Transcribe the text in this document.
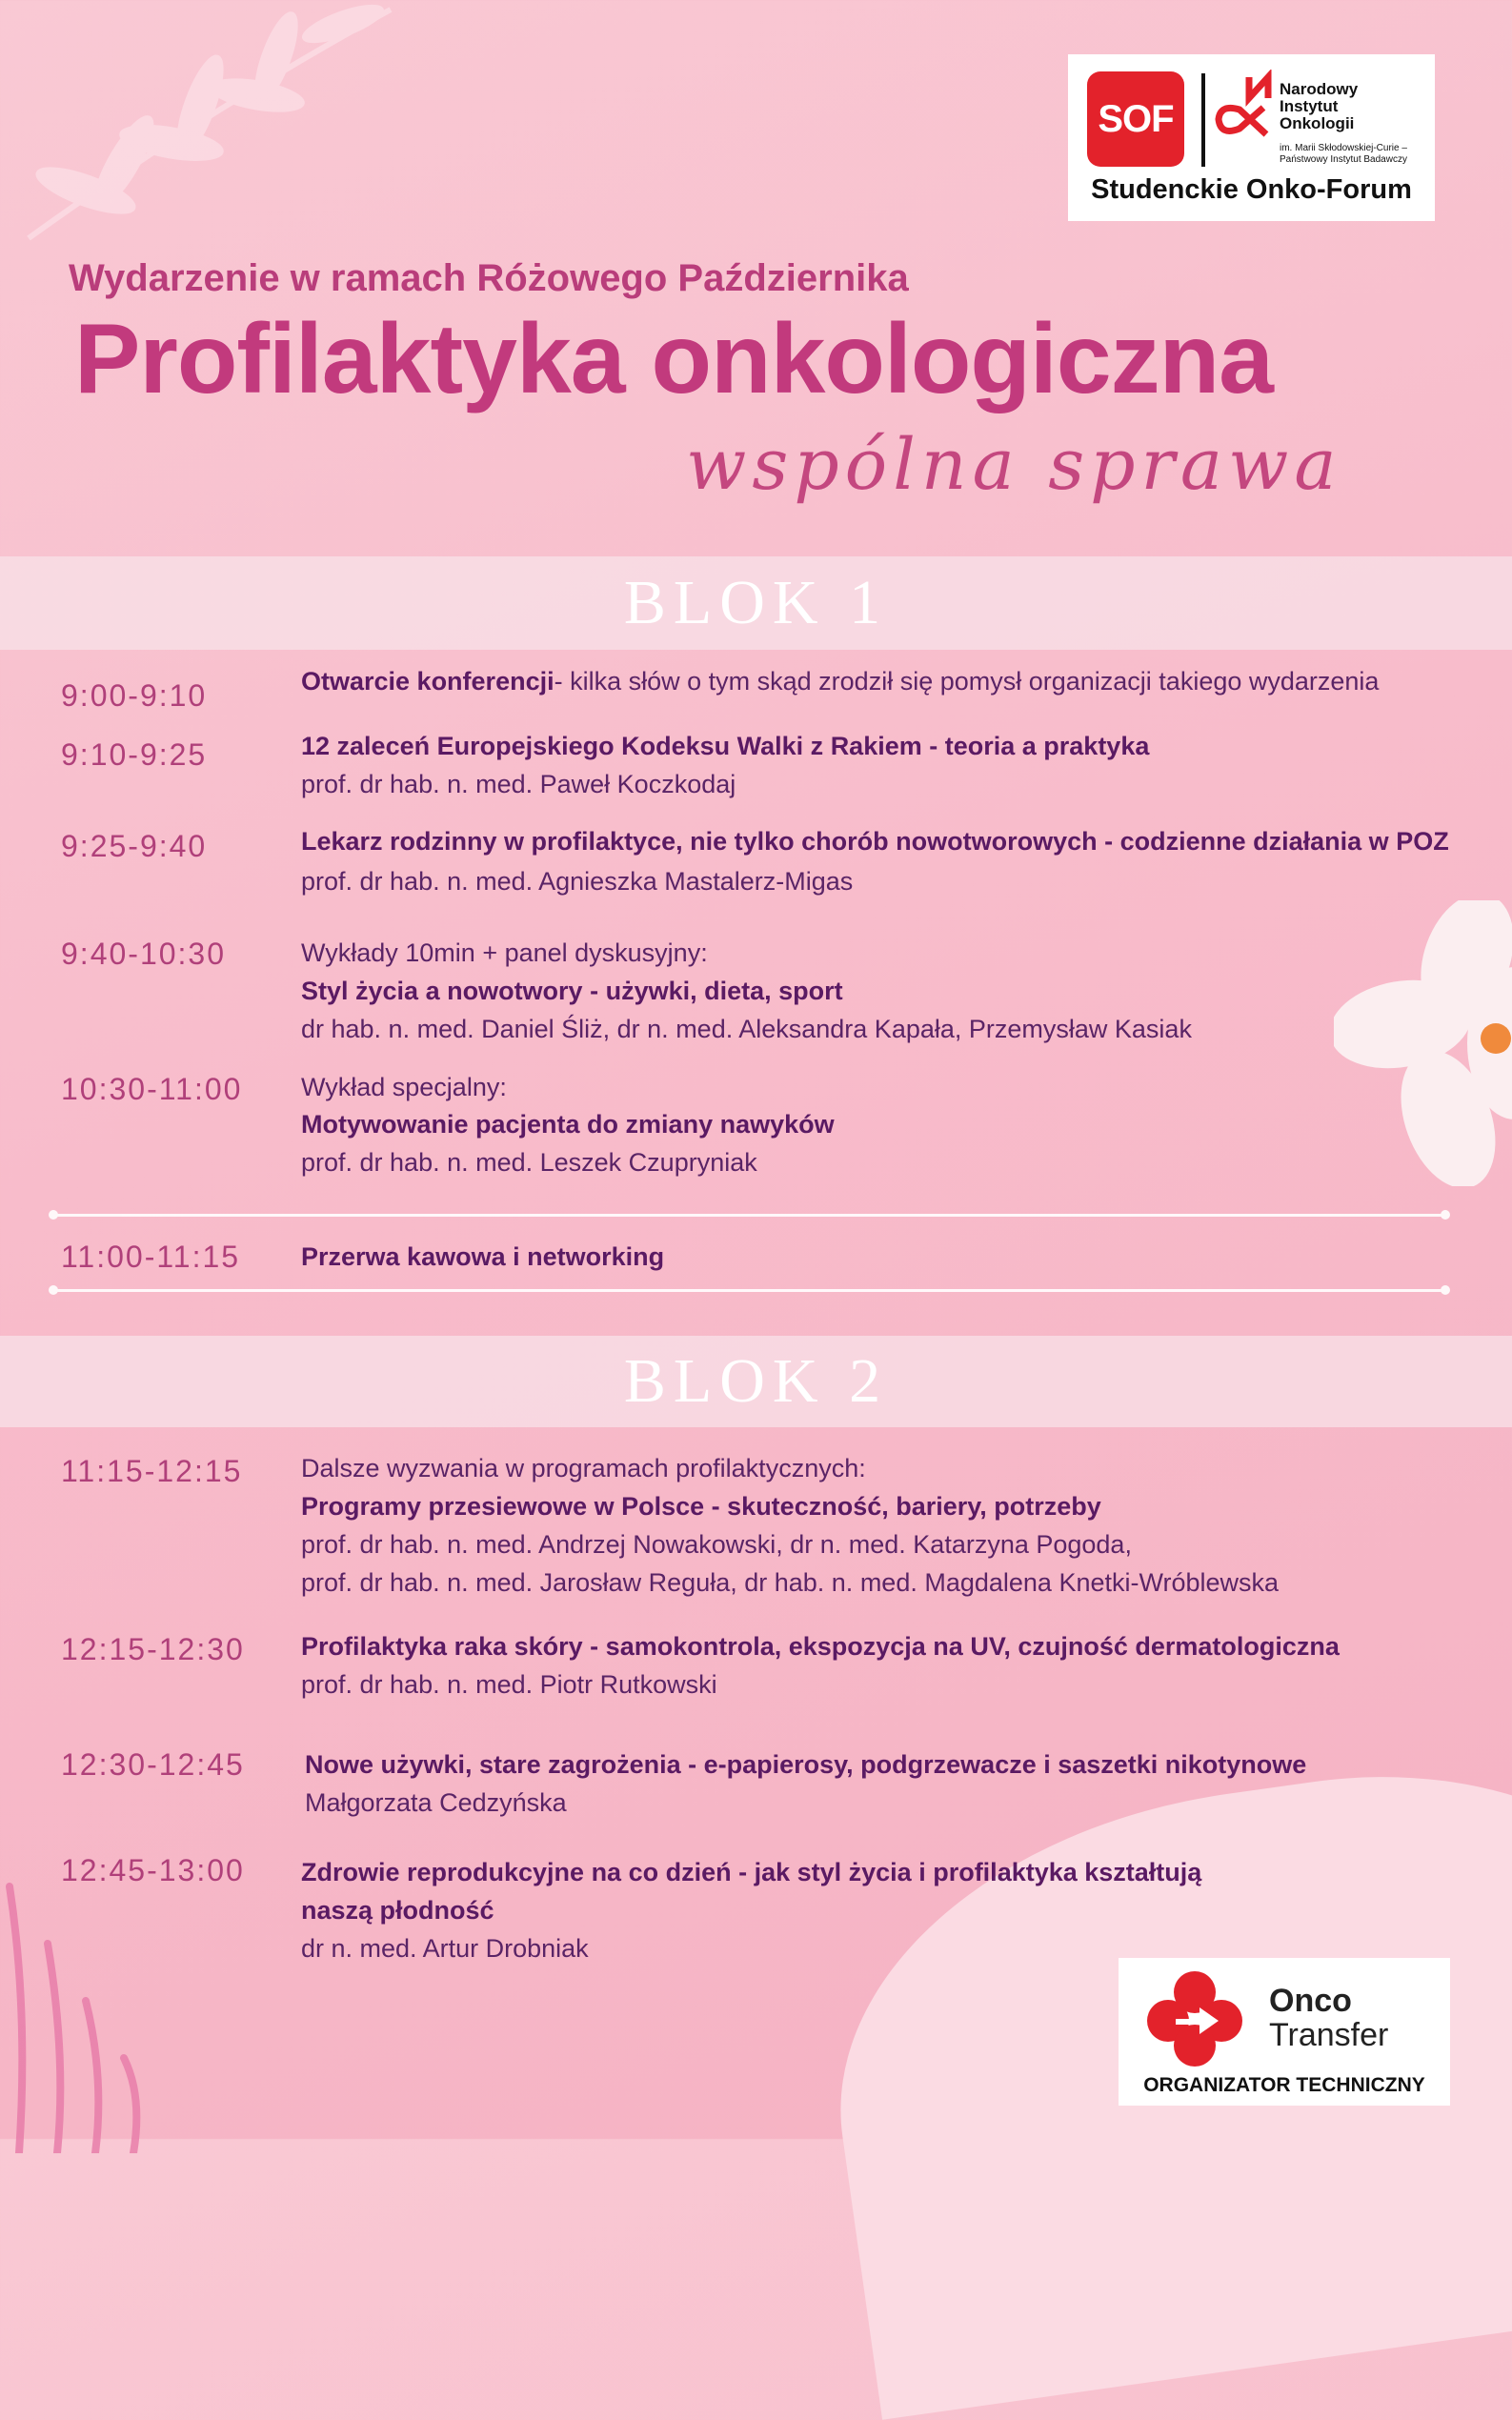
SOF
Narodowy
Instytut
Onkologii
im. Marii Skłodowskiej-Curie –
Państwowy Instytut Badawczy
Studenckie Onko-Forum
Wydarzenie w ramach Różowego Października
Profilaktyka onkologiczna
wspólna sprawa
BLOK 1
9:00-9:10	Otwarcie konferencji- kilka słów o tym skąd zrodził się pomysł organizacji takiego wydarzenia
9:10-9:25	12 zaleceń Europejskiego Kodeksu Walki z Rakiem - teoria a praktyka
prof. dr hab. n. med. Paweł Koczkodaj
9:25-9:40	Lekarz rodzinny w profilaktyce, nie tylko chorób nowotworowych - codzienne działania w POZ
prof. dr hab. n. med. Agnieszka Mastalerz-Migas
9:40-10:30	Wykłady 10min + panel dyskusyjny:
Styl życia a nowotwory - używki, dieta, sport
dr hab. n. med. Daniel Śliż, dr n. med. Aleksandra Kapała, Przemysław Kasiak
10:30-11:00 Wykład specjalny:
Motywowanie pacjenta do zmiany nawyków
prof. dr hab. n. med. Leszek Czupryniak
11:00-11:15 Przerwa kawowa i networking
BLOK 2
11:15-12:15 Dalsze wyzwania w programach profilaktycznych:
Programy przesiewowe w Polsce - skuteczność, bariery, potrzeby
prof. dr hab. n. med. Andrzej Nowakowski, dr n. med. Katarzyna Pogoda,
prof. dr hab. n. med. Jarosław Reguła, dr hab. n. med. Magdalena Knetki-Wróblewska
12:15-12:30 Profilaktyka raka skóry - samokontrola, ekspozycja na UV, czujność dermatologiczna
prof. dr hab. n. med. Piotr Rutkowski
12:30-12:45 Nowe używki, stare zagrożenia - e-papierosy, podgrzewacze i saszetki nikotynowe
Małgorzata Cedzyńska
12:45-13:00 Zdrowie reprodukcyjne na co dzień - jak styl życia i profilaktyka kształtują
naszą płodność
dr n. med. Artur Drobniak
Onco
Transfer
ORGANIZATOR TECHNICZNY
